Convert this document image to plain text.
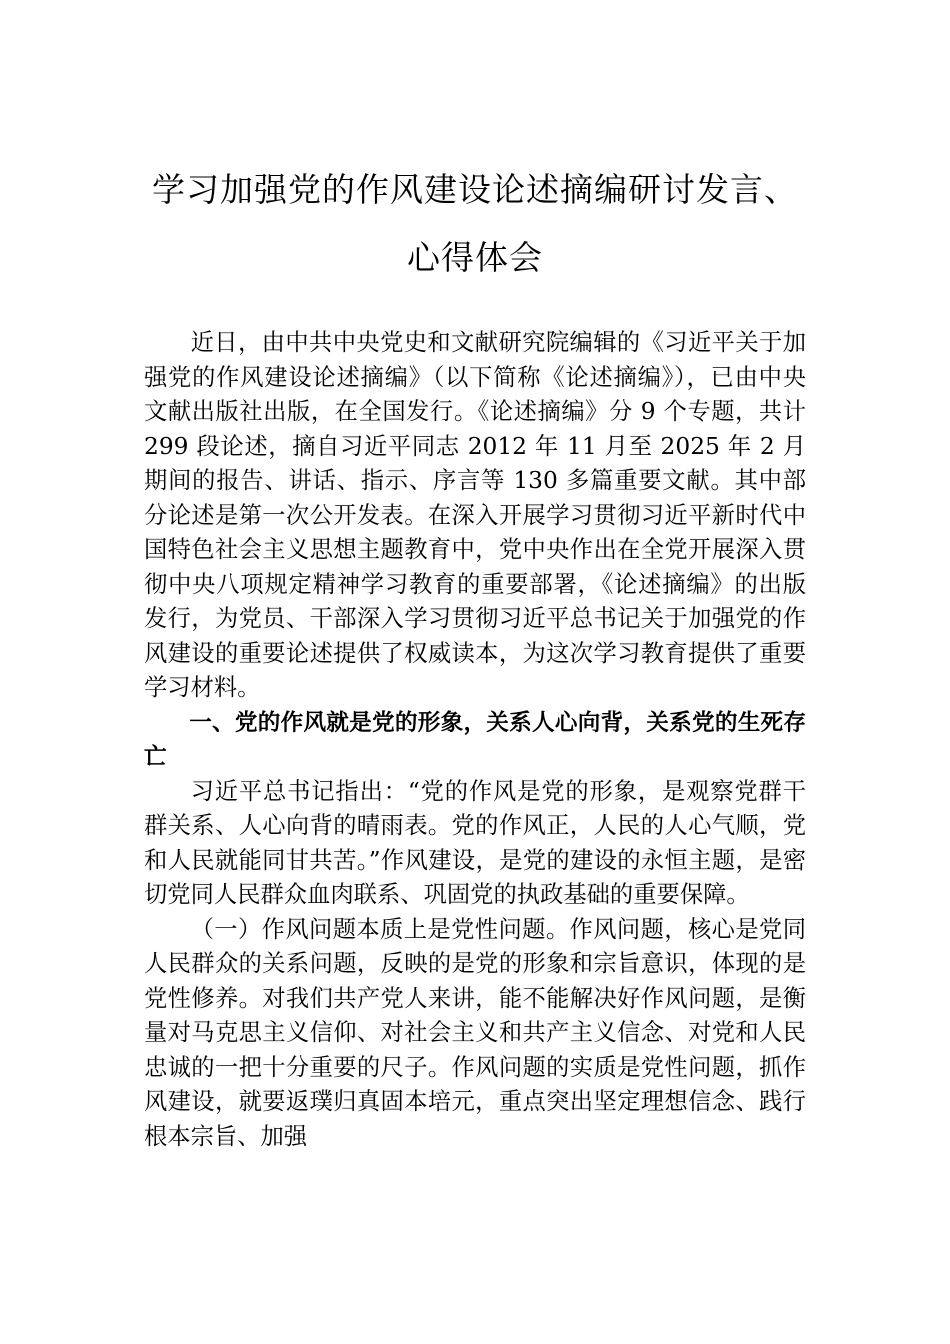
学习加强党的作风建设论述摘编研讨发言、
心得体会

近日，由中共中央党史和文献研究院编辑的《习近平关于加强党的作风建设论述摘编》（以下简称《论述摘编》），已由中央文献出版社出版，在全国发行。《论述摘编》分 9 个专题，共计 299 段论述，摘自习近平同志 2012 年 11 月至 2025 年 2 月期间的报告、讲话、指示、序言等 130 多篇重要文献。其中部分论述是第一次公开发表。在深入开展学习贯彻习近平新时代中国特色社会主义思想主题教育中，党中央作出在全党开展深入贯彻中央八项规定精神学习教育的重要部署，《论述摘编》的出版发行，为党员、干部深入学习贯彻习近平总书记关于加强党的作风建设的重要论述提供了权威读本，为这次学习教育提供了重要学习材料。

一、党的作风就是党的形象，关系人心向背，关系党的生死存亡

习近平总书记指出：“党的作风是党的形象，是观察党群干群关系、人心向背的晴雨表。党的作风正，人民的人心气顺，党和人民就能同甘共苦。”作风建设，是党的建设的永恒主题，是密切党同人民群众血肉联系、巩固党的执政基础的重要保障。

（一）作风问题本质上是党性问题。作风问题，核心是党同人民群众的关系问题，反映的是党的形象和宗旨意识，体现的是党性修养。对我们共产党人来讲，能不能解决好作风问题，是衡量对马克思主义信仰、对社会主义和共产主义信念、对党和人民忠诚的一把十分重要的尺子。作风问题的实质是党性问题，抓作风建设，就要返璞归真固本培元，重点突出坚定理想信念、践行根本宗旨、加强
